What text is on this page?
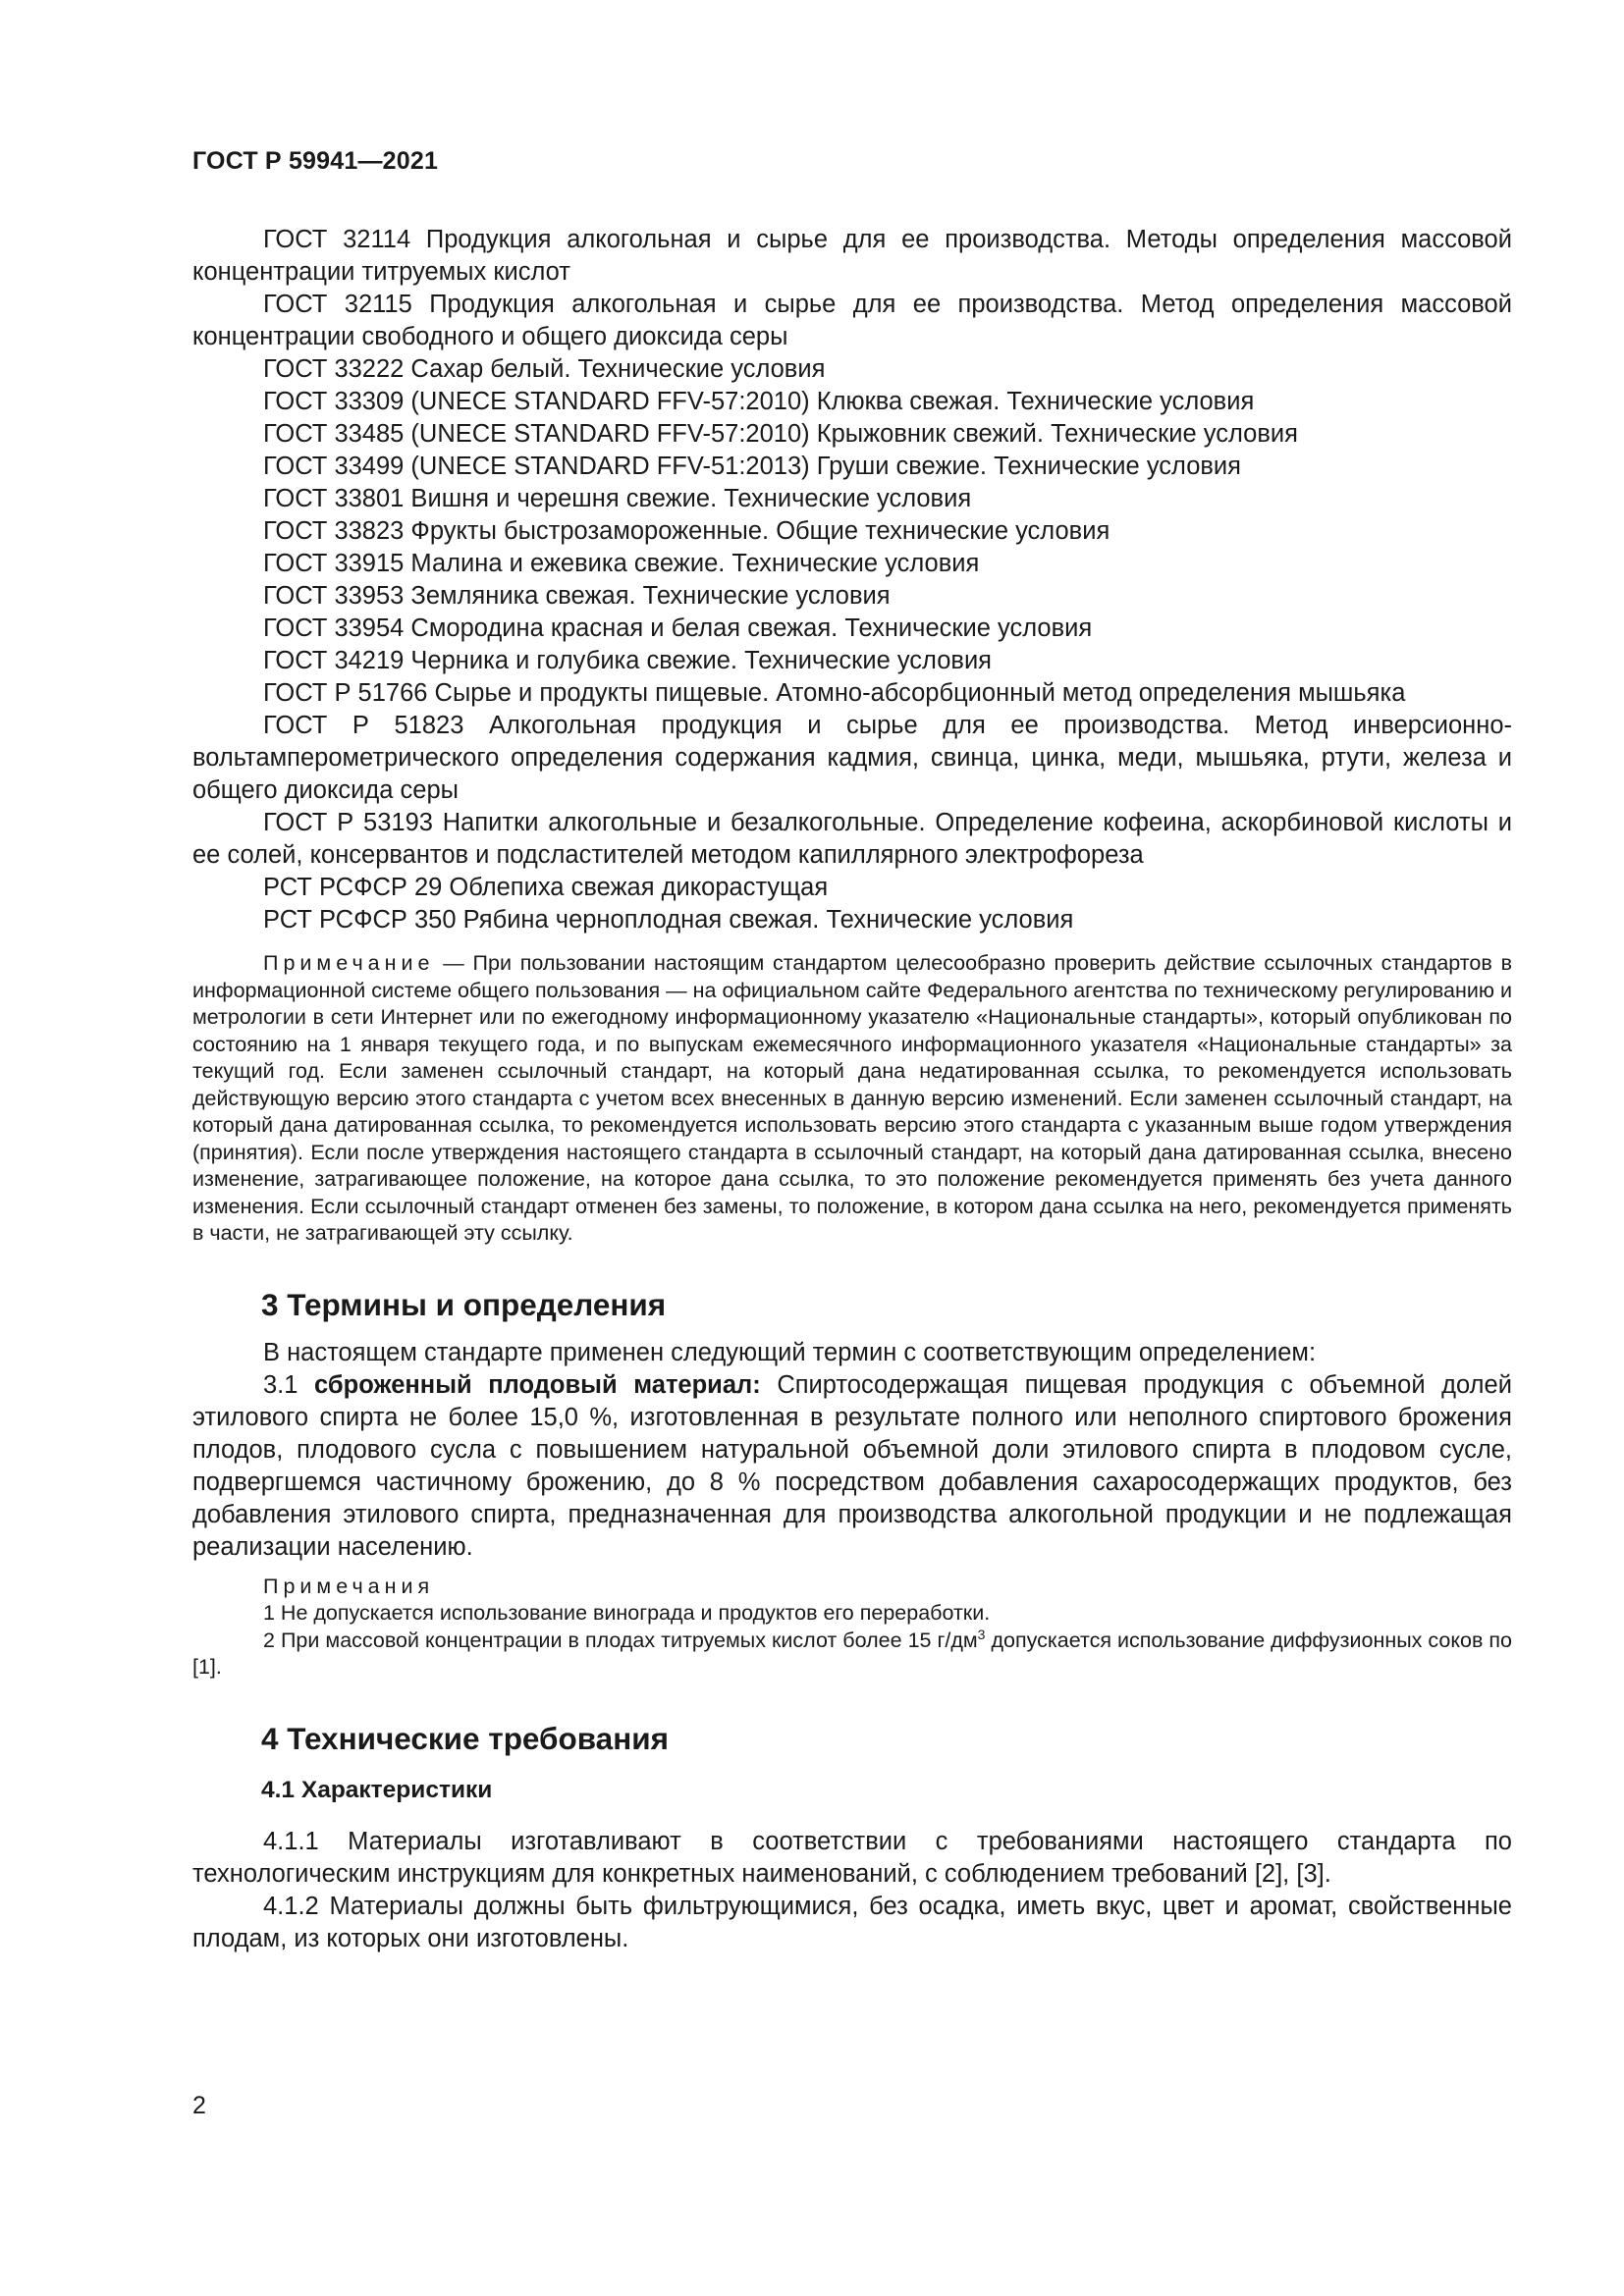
ГОСТ Р 59941—2021

ГОСТ 32114 Продукция алкогольная и сырье для ее производства. Методы определения массовой концентрации титруемых кислот

ГОСТ 32115 Продукция алкогольная и сырье для ее производства. Метод определения массовой концентрации свободного и общего диоксида серы

ГОСТ 33222 Сахар белый. Технические условия

ГОСТ 33309 (UNECE STANDARD FFV-57:2010) Клюква свежая. Технические условия

ГОСТ 33485 (UNECE STANDARD FFV-57:2010) Крыжовник свежий. Технические условия

ГОСТ 33499 (UNECE STANDARD FFV-51:2013) Груши свежие. Технические условия

ГОСТ 33801 Вишня и черешня свежие. Технические условия

ГОСТ 33823 Фрукты быстрозамороженные. Общие технические условия

ГОСТ 33915 Малина и ежевика свежие. Технические условия

ГОСТ 33953 Земляника свежая. Технические условия

ГОСТ 33954 Смородина красная и белая свежая. Технические условия

ГОСТ 34219 Черника и голубика свежие. Технические условия

ГОСТ Р 51766 Сырье и продукты пищевые. Атомно-абсорбционный метод определения мышьяка

ГОСТ Р 51823 Алкогольная продукция и сырье для ее производства. Метод инверсионно-вольтамперометрического определения содержания кадмия, свинца, цинка, меди, мышьяка, ртути, железа и общего диоксида серы

ГОСТ Р 53193 Напитки алкогольные и безалкогольные. Определение кофеина, аскорбиновой кислоты и ее солей, консервантов и подсластителей методом капиллярного электрофореза

РСТ РСФСР 29 Облепиха свежая дикорастущая

РСТ РСФСР 350 Рябина черноплодная свежая. Технические условия

Примечание — При пользовании настоящим стандартом целесообразно проверить действие ссылочных стандартов в информационной системе общего пользования — на официальном сайте Федерального агентства по техническому регулированию и метрологии в сети Интернет или по ежегодному информационному указателю «Национальные стандарты», который опубликован по состоянию на 1 января текущего года, и по выпускам ежемесячного информационного указателя «Национальные стандарты» за текущий год. Если заменен ссылочный стандарт, на который дана недатированная ссылка, то рекомендуется использовать действующую версию этого стандарта с учетом всех внесенных в данную версию изменений. Если заменен ссылочный стандарт, на который дана датированная ссылка, то рекомендуется использовать версию этого стандарта с указанным выше годом утверждения (принятия). Если после утверждения настоящего стандарта в ссылочный стандарт, на который дана датированная ссылка, внесено изменение, затрагивающее положение, на которое дана ссылка, то это положение рекомендуется применять без учета данного изменения. Если ссылочный стандарт отменен без замены, то положение, в котором дана ссылка на него, рекомендуется применять в части, не затрагивающей эту ссылку.

3 Термины и определения

В настоящем стандарте применен следующий термин с соответствующим определением:

3.1 сброженный плодовый материал: Спиртосодержащая пищевая продукция с объемной долей этилового спирта не более 15,0 %, изготовленная в результате полного или неполного спиртового брожения плодов, плодового сусла с повышением натуральной объемной доли этилового спирта в плодовом сусле, подвергшемся частичному брожению, до 8 % посредством добавления сахаросодержащих продуктов, без добавления этилового спирта, предназначенная для производства алкогольной продукции и не подлежащая реализации населению.

Примечания

1 Не допускается использование винограда и продуктов его переработки.

2 При массовой концентрации в плодах титруемых кислот более 15 $г/дм^3$ допускается использование диффузионных соков по [1].

4 Технические требования
4.1 Характеристики

4.1.1 Материалы изготавливают в соответствии с требованиями настоящего стандарта по технологическим инструкциям для конкретных наименований, с соблюдением требований [2], [3].

4.1.2 Материалы должны быть фильтрующимися, без осадка, иметь вкус, цвет и аромат, свойственные плодам, из которых они изготовлены.

2
